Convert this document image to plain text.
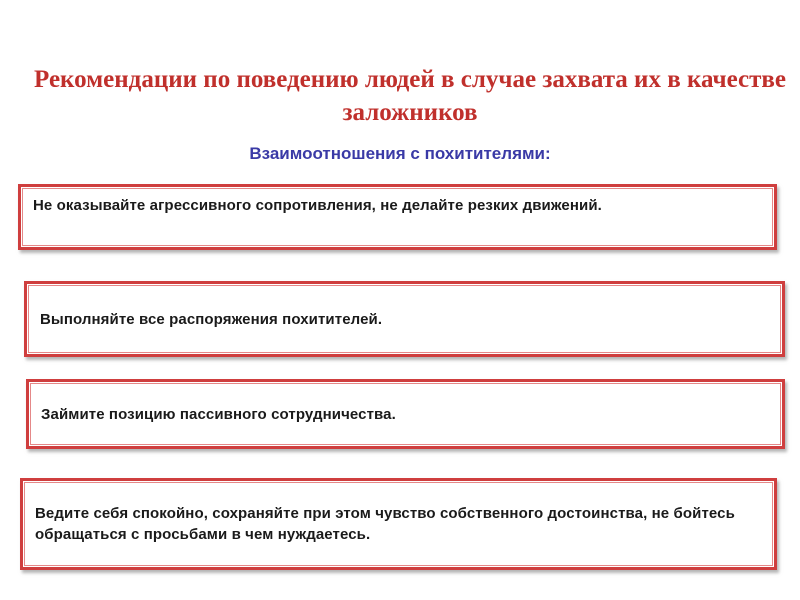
Рекомендации по поведению людей в случае захвата их в качестве заложников
Взаимоотношения с похитителями:

Не оказывайте агрессивного сопротивления, не делайте резких движений.

Выполняйте все распоряжения похитителей.

Займите позицию пассивного сотрудничества.

Ведите себя спокойно, сохраняйте при этом чувство собственного достоинства, не бойтесь обращаться с просьбами в чем нуждаетесь.
